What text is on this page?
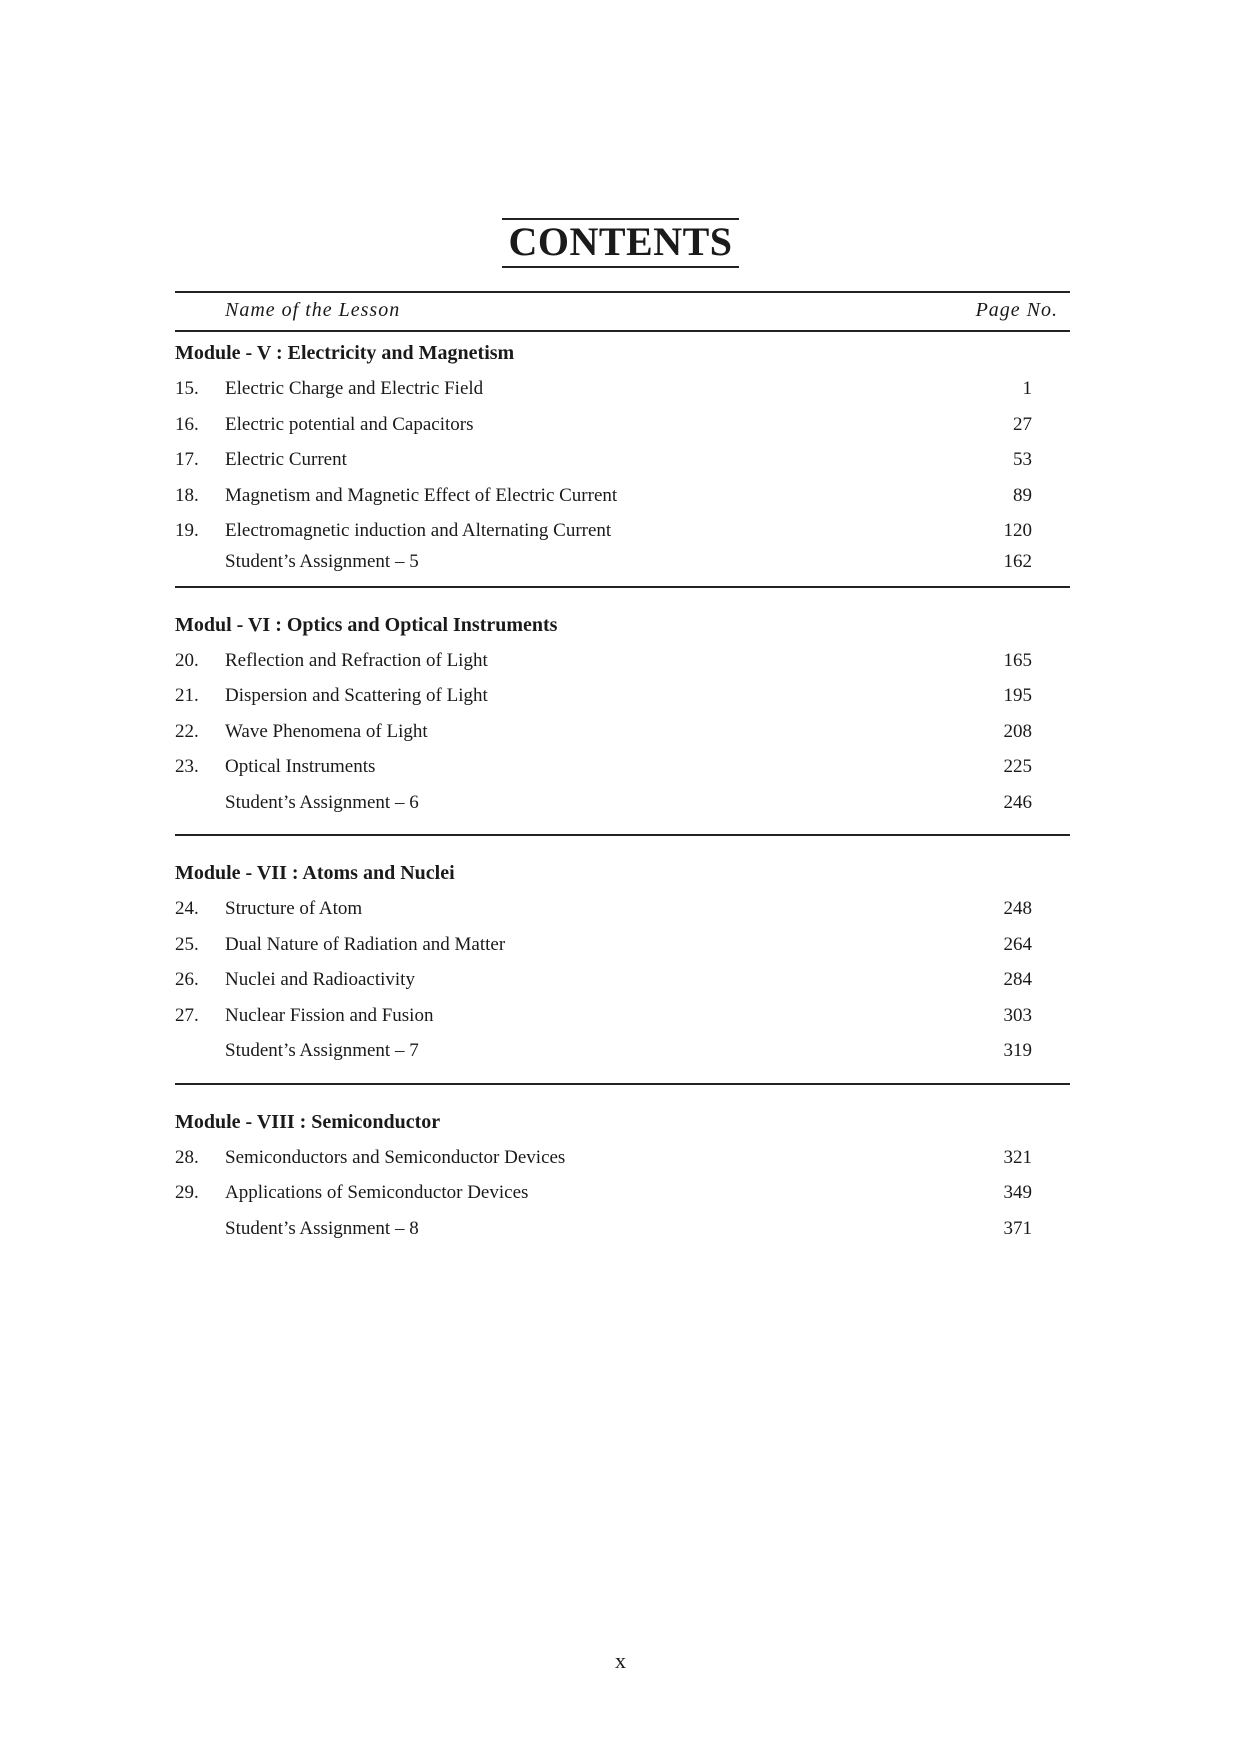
CONTENTS
Name of the Lesson	Page No.
Module - V : Electricity and Magnetism
15. Electric Charge and Electric Field	1
16. Electric potential and Capacitors	27
17. Electric Current	53
18. Magnetism and Magnetic Effect of Electric Current	89
19. Electromagnetic induction and Alternating Current	120
Student’s Assignment – 5	162
Modul - VI : Optics and Optical Instruments
20. Reflection and Refraction of Light	165
21. Dispersion and Scattering of Light	195
22. Wave Phenomena of Light	208
23. Optical Instruments	225
Student’s Assignment – 6	246
Module - VII : Atoms and Nuclei
24. Structure of Atom	248
25. Dual Nature of Radiation and Matter	264
26. Nuclei and Radioactivity	284
27. Nuclear Fission and Fusion	303
Student’s Assignment – 7	319
Module - VIII : Semiconductor
28. Semiconductors and Semiconductor Devices	321
29. Applications of Semiconductor Devices	349
Student’s Assignment – 8	371
x
